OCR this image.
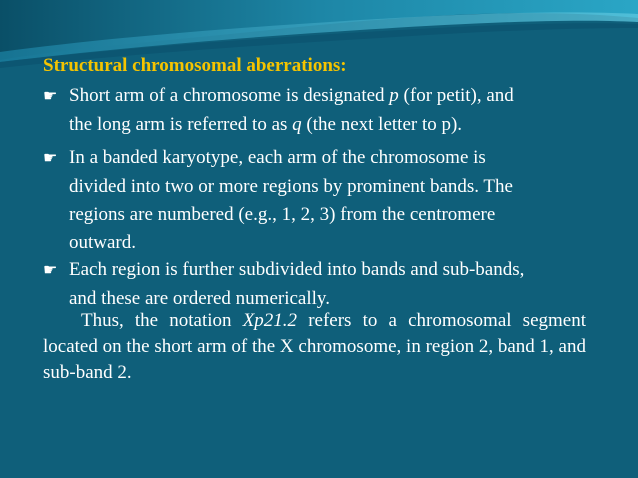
Structural chromosomal aberrations:
☛ Short arm of a chromosome is designated p (for petit), and
the long arm is referred to as q (the next letter to p).
☛ In a banded karyotype, each arm of the chromosome is
divided into two or more regions by prominent bands. The
regions are numbered (e.g., 1, 2, 3) from the centromere
outward.
☛ Each region is further subdivided into bands and sub-bands,
and these are ordered numerically.
Thus, the notation Xp21.2 refers to a chromosomal segment located on the short arm of the X chromosome, in region 2, band 1, and sub-band 2.
